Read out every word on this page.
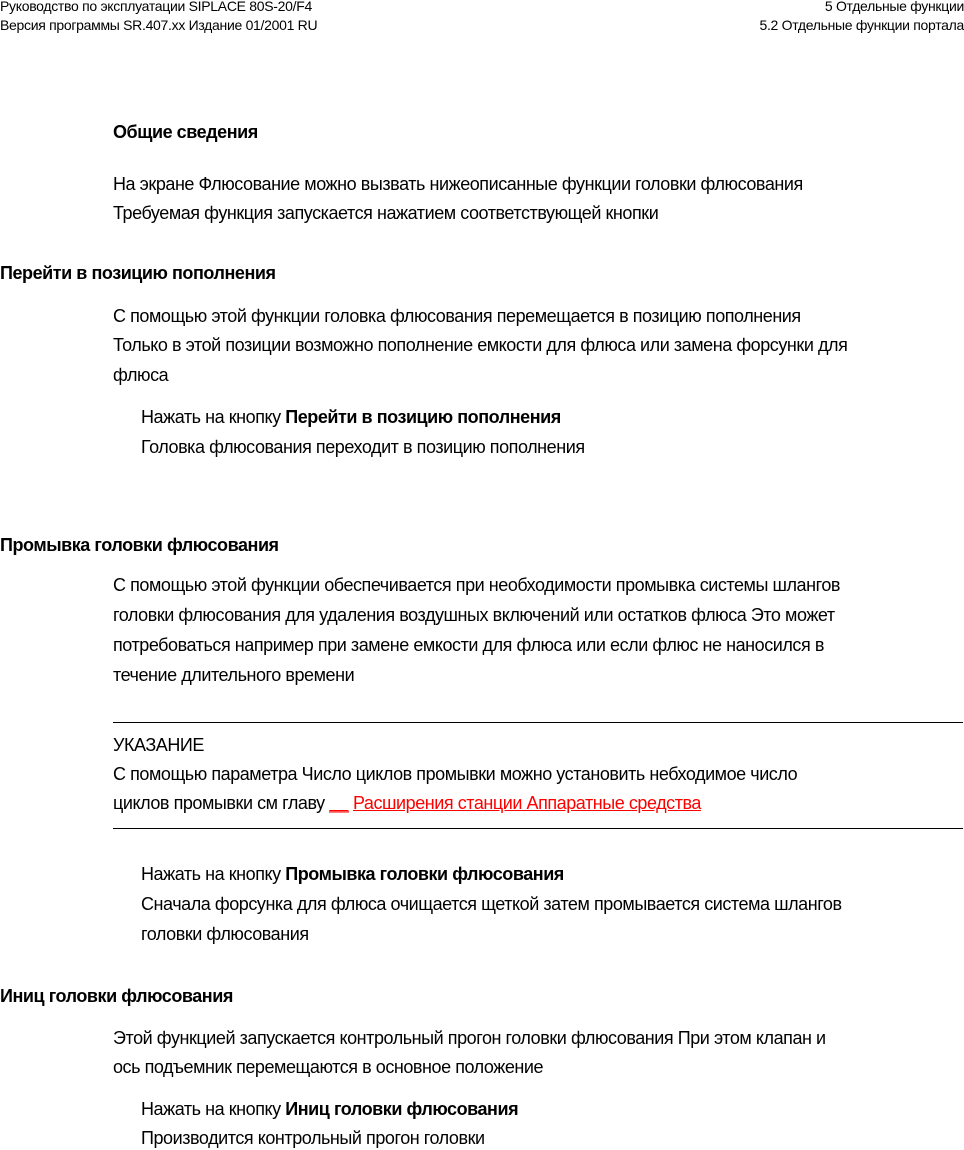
Руководство по эксплуатации SIPLACE 80S-20/F4
Версия программы SR.407.xx Издание 01/2001 RU
5 Отдельные функции
5.2 Отдельные функции портала
Общие сведения
На экране Флюсование можно вызвать нижеописанные функции головки флюсования
Требуемая функция запускается нажатием соответствующей кнопки
Перейти в позицию пополнения
С помощью этой функции головка флюсования перемещается в позицию пополнения
Только в этой позиции возможно пополнение емкости для флюса или замена форсунки для
флюса
Нажать на кнопку Перейти в позицию пополнения
Головка флюсования переходит в позицию пополнения
Промывка головки флюсования
С помощью этой функции обеспечивается при необходимости промывка системы шлангов
головки флюсования для удаления воздушных включений или остатков флюса Это может
потребоваться например при замене емкости для флюса или если флюс не наносился в
течение длительного времени
УКАЗАНИЕ
С помощью параметра Число циклов промывки можно установить небходимое число
циклов промывки см главу __ Расширения станции Аппаратные средства
Нажать на кнопку Промывка головки флюсования
Сначала форсунка для флюса очищается щеткой затем промывается система шлангов
головки флюсования
Иниц головки флюсования
Этой функцией запускается контрольный прогон головки флюсования При этом клапан и
ось подъемник перемещаются в основное положение
Нажать на кнопку Иниц головки флюсования
Производится контрольный прогон головки
